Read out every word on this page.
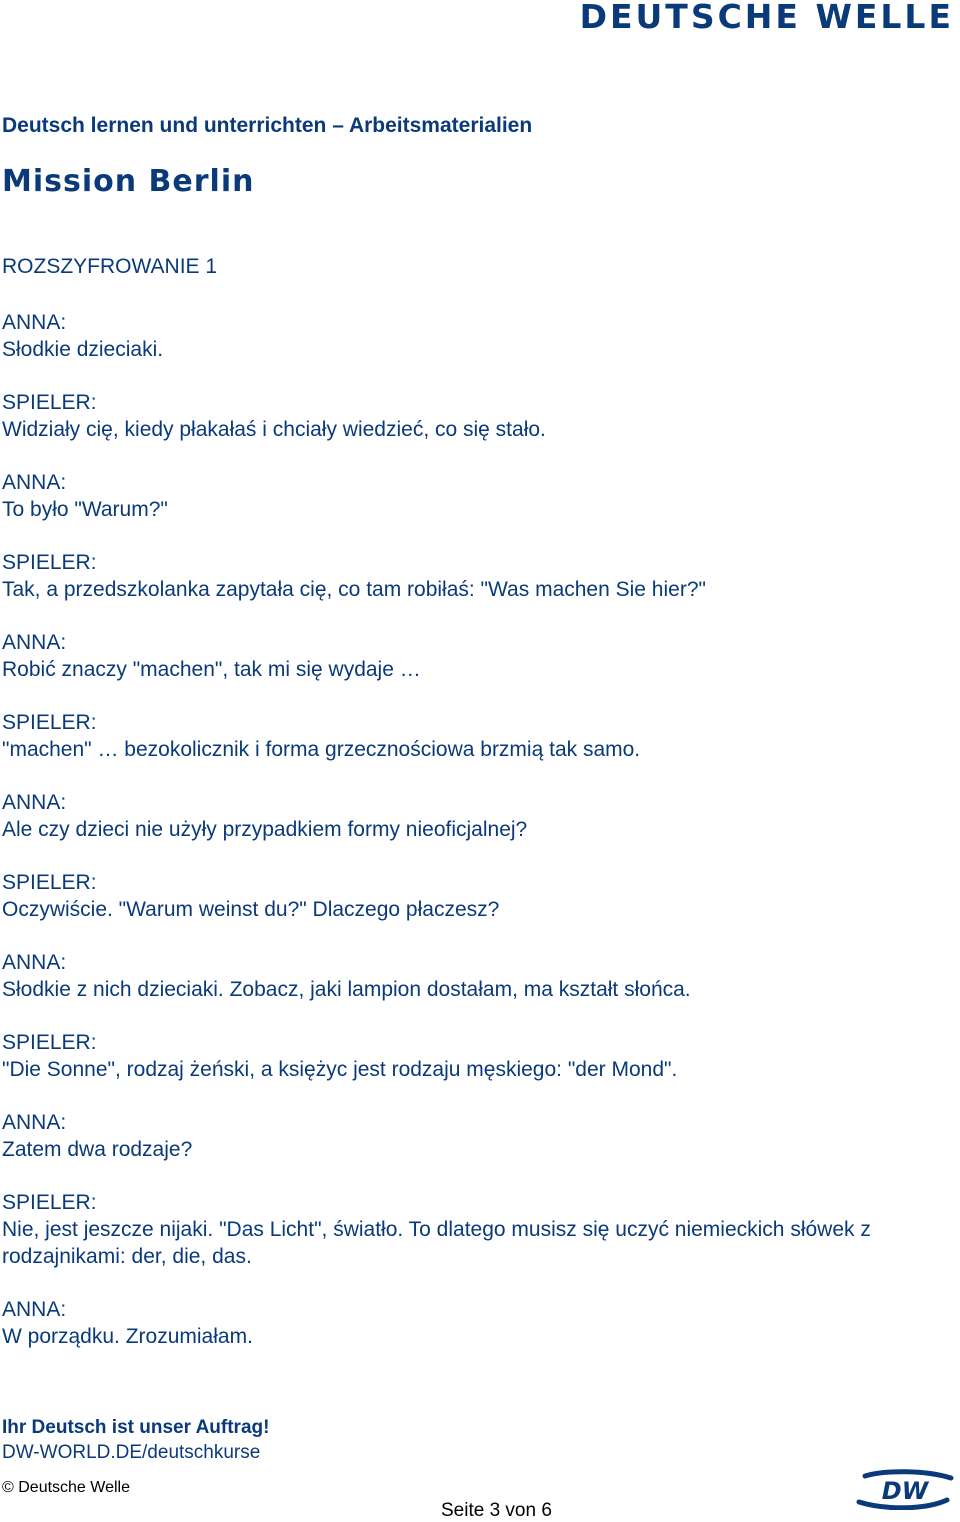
DEUTSCHE WELLE
Deutsch lernen und unterrichten – Arbeitsmaterialien
Mission Berlin
ROZSZYFROWANIE 1
ANNA:
Słodkie dzieciaki.
SPIELER:
Widziały cię, kiedy płakałaś i chciały wiedzieć, co się stało.
ANNA:
To było "Warum?"
SPIELER:
Tak, a przedszkolanka zapytała cię, co tam robiłaś: "Was machen Sie hier?"
ANNA:
Robić znaczy "machen", tak mi się wydaje …
SPIELER:
"machen" … bezokolicznik i forma grzecznościowa brzmią tak samo.
ANNA:
Ale czy dzieci nie użyły przypadkiem formy nieoficjalnej?
SPIELER:
Oczywiście. "Warum weinst du?" Dlaczego płaczesz?
ANNA:
Słodkie z nich dzieciaki. Zobacz, jaki lampion dostałam, ma kształt słońca.
SPIELER:
"Die Sonne", rodzaj żeński, a księżyc jest rodzaju męskiego: "der Mond".
ANNA:
Zatem dwa rodzaje?
SPIELER:
Nie, jest jeszcze nijaki. "Das Licht", światło. To dlatego musisz się uczyć niemieckich słówek z rodzajnikami: der, die, das.
ANNA:
W porządku. Zrozumiałam.
Ihr Deutsch ist unser Auftrag!
DW-WORLD.DE/deutschkurse
© Deutsche Welle
Seite 3 von 6
DW
